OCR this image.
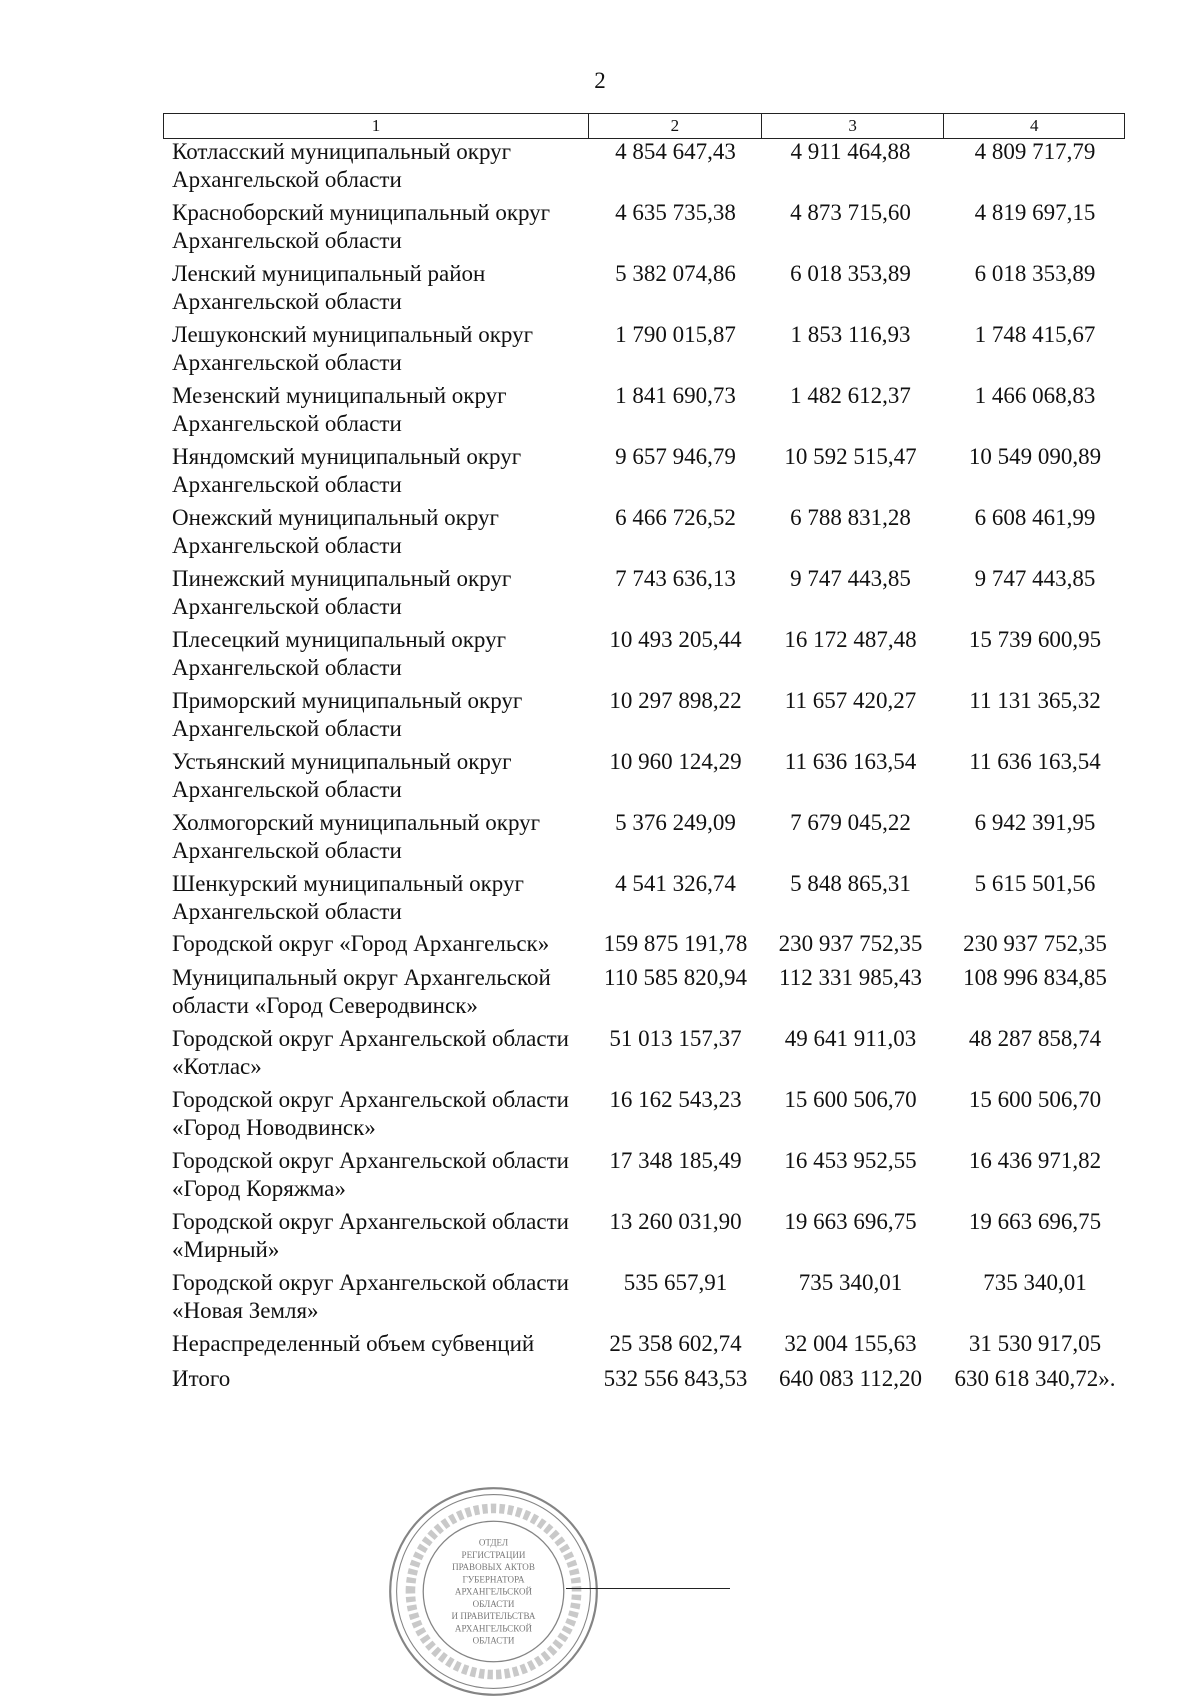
2
1	2	3	4
Котласский муниципальный округ Архангельской области
4 854 647,43	4 911 464,88	4 809 717,79
Красноборский муниципальный округ Архангельской области
4 635 735,38	4 873 715,60	4 819 697,15
Ленский муниципальный район Архангельской области
5 382 074,86	6 018 353,89	6 018 353,89
Лешуконский муниципальный округ Архангельской области
1 790 015,87	1 853 116,93	1 748 415,67
Мезенский муниципальный округ Архангельской области
1 841 690,73	1 482 612,37	1 466 068,83
Няндомский муниципальный округ Архангельской области
9 657 946,79	10 592 515,47	10 549 090,89
Онежский муниципальный округ Архангельской области
6 466 726,52	6 788 831,28	6 608 461,99
Пинежский муниципальный округ Архангельской области
7 743 636,13	9 747 443,85	9 747 443,85
Плесецкий муниципальный округ Архангельской области
10 493 205,44	16 172 487,48	15 739 600,95
Приморский муниципальный округ Архангельской области
10 297 898,22	11 657 420,27	11 131 365,32
Устьянский муниципальный округ Архангельской области
10 960 124,29	11 636 163,54	11 636 163,54
Холмогорский муниципальный округ Архангельской области
5 376 249,09	7 679 045,22	6 942 391,95
Шенкурский муниципальный округ Архангельской области
4 541 326,74	5 848 865,31	5 615 501,56
Городской округ «Город Архангельск»	159 875 191,78	230 937 752,35	230 937 752,35
Муниципальный округ Архангельской области «Город Северодвинск»
110 585 820,94	112 331 985,43	108 996 834,85
Городской округ Архангельской области «Котлас»
51 013 157,37	49 641 911,03	48 287 858,74
Городской округ Архангельской области «Город Новодвинск»
16 162 543,23	15 600 506,70	15 600 506,70
Городской округ Архангельской области «Город Коряжма»
17 348 185,49	16 453 952,55	16 436 971,82
Городской округ Архангельской области «Мирный»
13 260 031,90	19 663 696,75	19 663 696,75
Городской округ Архангельской области «Новая Земля»
535 657,91	735 340,01	735 340,01
Нераспределенный объем субвенций	25 358 602,74	32 004 155,63	31 530 917,05
Итого	532 556 843,53	640 083 112,20	630 618 340,72».
ОТДЕЛ
РЕГИСТРАЦИИ
ПРАВОВЫХ АКТОВ
ГУБЕРНАТОРА
АРХАНГЕЛЬСКОЙ
ОБЛАСТИ
И ПРАВИТЕЛЬСТВА
АРХАНГЕЛЬСКОЙ
ОБЛАСТИ
